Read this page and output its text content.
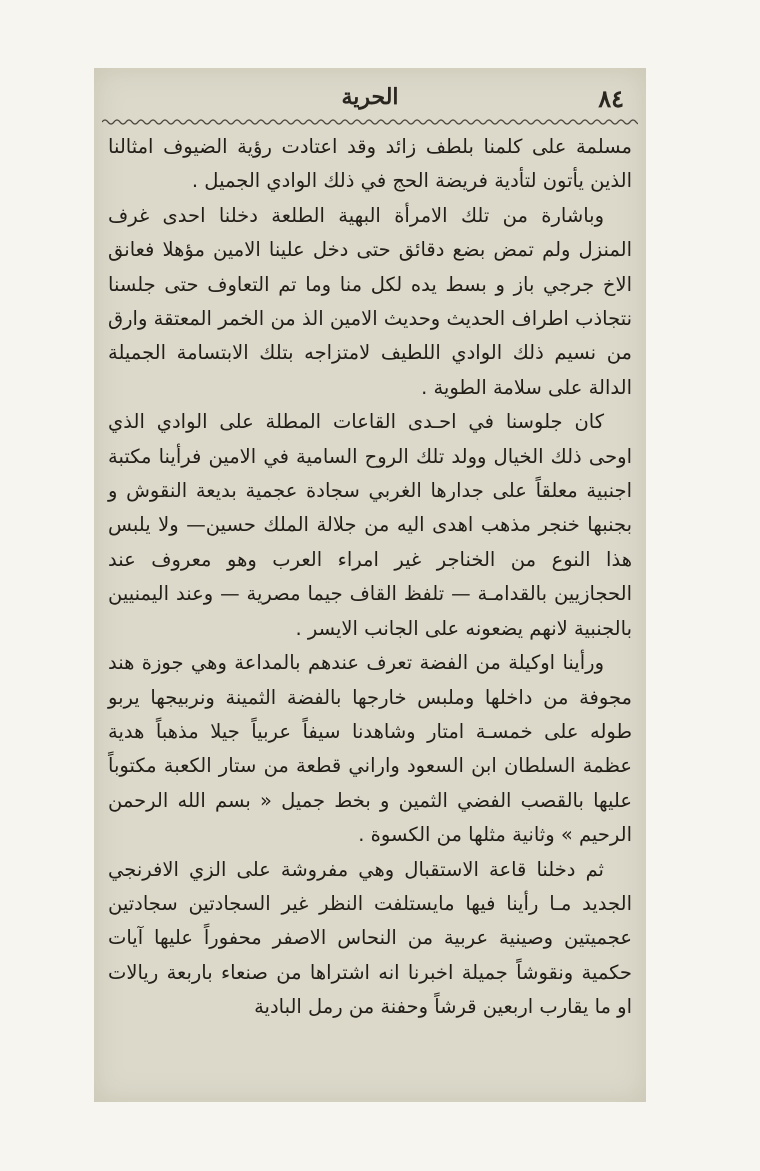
٨٤
الحرية

مسلمة على كلمنا بلطف زائد وقد اعتادت رؤية الضيوف امثالنا الذين يأتون لتأدية فريضة الحج في ذلك الوادي الجميل .

وباشارة من تلك الامرأة البهية الطلعة دخلنا احدى غرف المنزل ولم تمض بضع دقائق حتى دخل علينا الامين مؤهلا فعانق الاخ جرجي باز و بسط يده لكل منا وما تم التعاوف حتى جلسنا نتجاذب اطراف الحديث وحديث الامين الذ من الخمر المعتقة وارق من نسيم ذلك الوادي اللطيف لامتزاجه بتلك الابتسامة الجميلة الدالة على سلامة الطوية .

كان جلوسنا في احـدى القاعات المطلة على الوادي الذي اوحى ذلك الخيال وولد تلك الروح السامية في الامين فرأينا مكتبة اجنبية معلقاً على جدارها الغربي سجادة عجمية بديعة النقوش و بجنبها خنجر مذهب اهدى اليه من جلالة الملك حسين— ولا يلبس هذا النوع من الخناجر غير امراء العرب وهو معروف عند الحجازيين بالقدامـة — تلفظ القاف جيما مصرية — وعند اليمنيين بالجنبية لانهم يضعونه على الجانب الايسر .

ورأينا اوكيلة من الفضة تعرف عندهم بالمداعة وهي جوزة هند مجوفة من داخلها وملبس خارجها بالفضة الثمينة ونربيجها يربو طوله على خمسـة امتار وشاهدنا سيفاً عربياً جيلا مذهباً هدية عظمة السلطان ابن السعود واراني قطعة من ستار الكعبة مكتوباً عليها بالقصب الفضي الثمين و بخط جميل « بسم الله الرحمن الرحيم » وثانية مثلها من الكسوة .

ثم دخلنا قاعة الاستقبال وهي مفروشة على الزي الافرنجي الجديد مـا رأينا فيها مايستلفت النظر غير السجادتين سجادتين عجميتين وصينية عربية من النحاس الاصفر محفوراً عليها آيات حكمية ونقوشاً جميلة اخبرنا انه اشتراها من صنعاء باربعة ريالات او ما يقارب اربعين قرشاً وحفنة من رمل البادية
